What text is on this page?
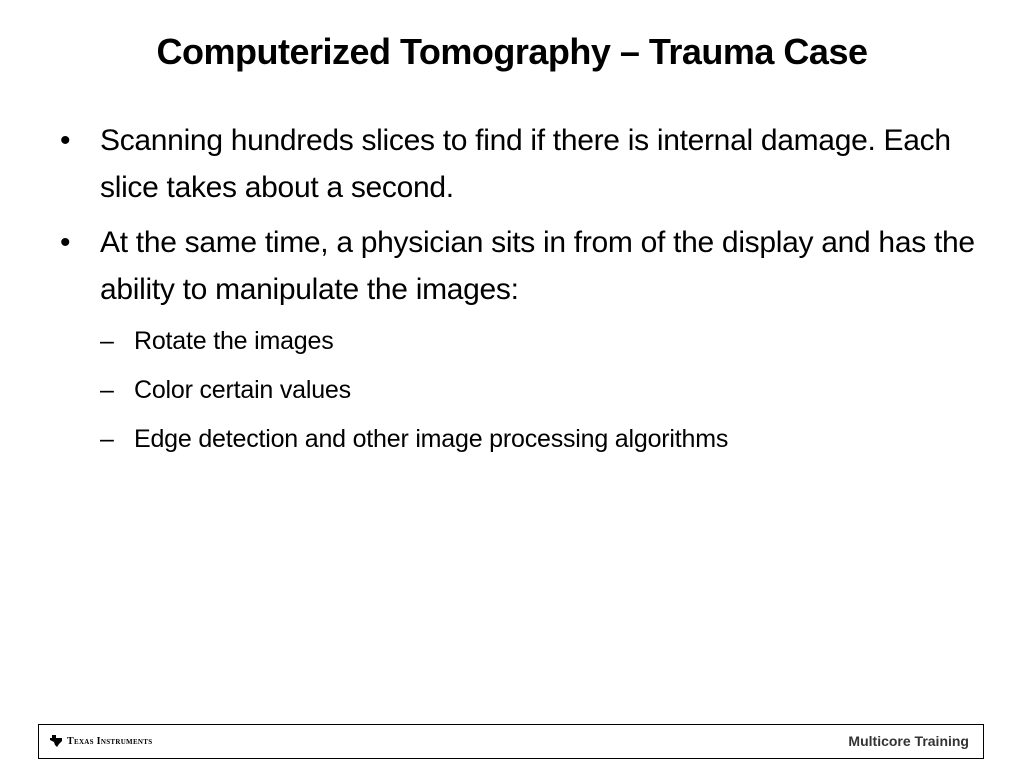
Computerized Tomography – Trauma Case
• Scanning hundreds slices to find if there is internal damage. Each slice takes about a second.
• At the same time, a physician sits in from of the display and has the ability to manipulate the images:
– Rotate the images
– Color certain values
– Edge detection and other image processing algorithms
Texas Instruments	Multicore Training
